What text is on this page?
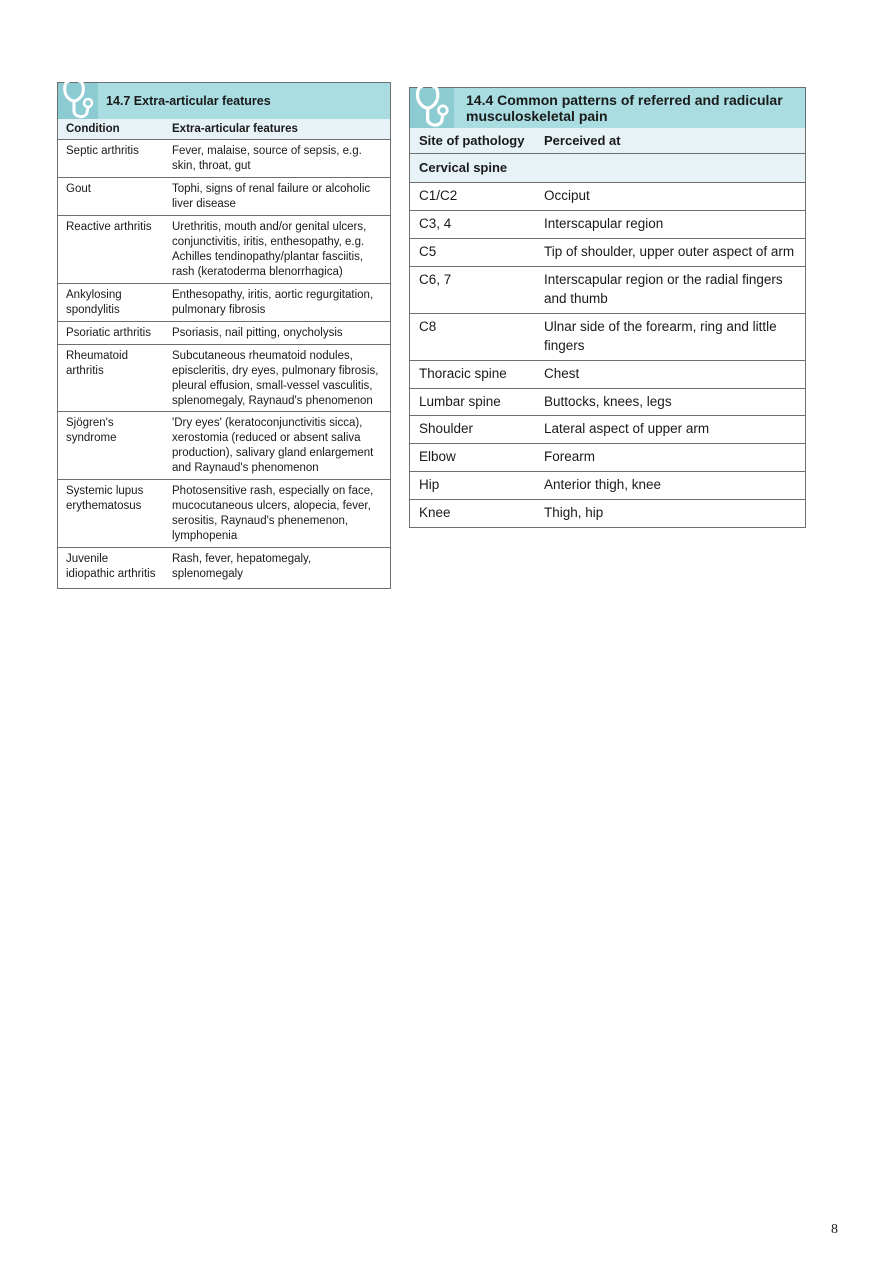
14.7 Extra-articular features
Condition	Extra-articular features
Septic arthritis	Fever, malaise, source of sepsis, e.g. skin, throat, gut
Gout	Tophi, signs of renal failure or alcoholic liver disease
Reactive arthritis	Urethritis, mouth and/or genital ulcers, conjunctivitis, iritis, enthesopathy, e.g. Achilles tendinopathy/plantar fasciitis, rash (keratoderma blenorrhagica)
Ankylosing spondylitis	Enthesopathy, iritis, aortic regurgitation, pulmonary fibrosis
Psoriatic arthritis	Psoriasis, nail pitting, onycholysis
Rheumatoid arthritis	Subcutaneous rheumatoid nodules, episcleritis, dry eyes, pulmonary fibrosis, pleural effusion, small-vessel vasculitis, splenomegaly, Raynaud's phenomenon
Sjögren's syndrome	'Dry eyes' (keratoconjunctivitis sicca), xerostomia (reduced or absent saliva production), salivary gland enlargement and Raynaud's phenomenon
Systemic lupus erythematosus	Photosensitive rash, especially on face, mucocutaneous ulcers, alopecia, fever, serositis, Raynaud's phenemenon, lymphopenia
Juvenile idiopathic arthritis	Rash, fever, hepatomegaly, splenomegaly
14.4 Common patterns of referred and radicular musculoskeletal pain
Site of pathology	Perceived at
Cervical spine	
C1/C2	Occiput
C3, 4	Interscapular region
C5	Tip of shoulder, upper outer aspect of arm
C6, 7	Interscapular region or the radial fingers and thumb
C8	Ulnar side of the forearm, ring and little fingers
Thoracic spine	Chest
Lumbar spine	Buttocks, knees, legs
Shoulder	Lateral aspect of upper arm
Elbow	Forearm
Hip	Anterior thigh, knee
Knee	Thigh, hip
8
